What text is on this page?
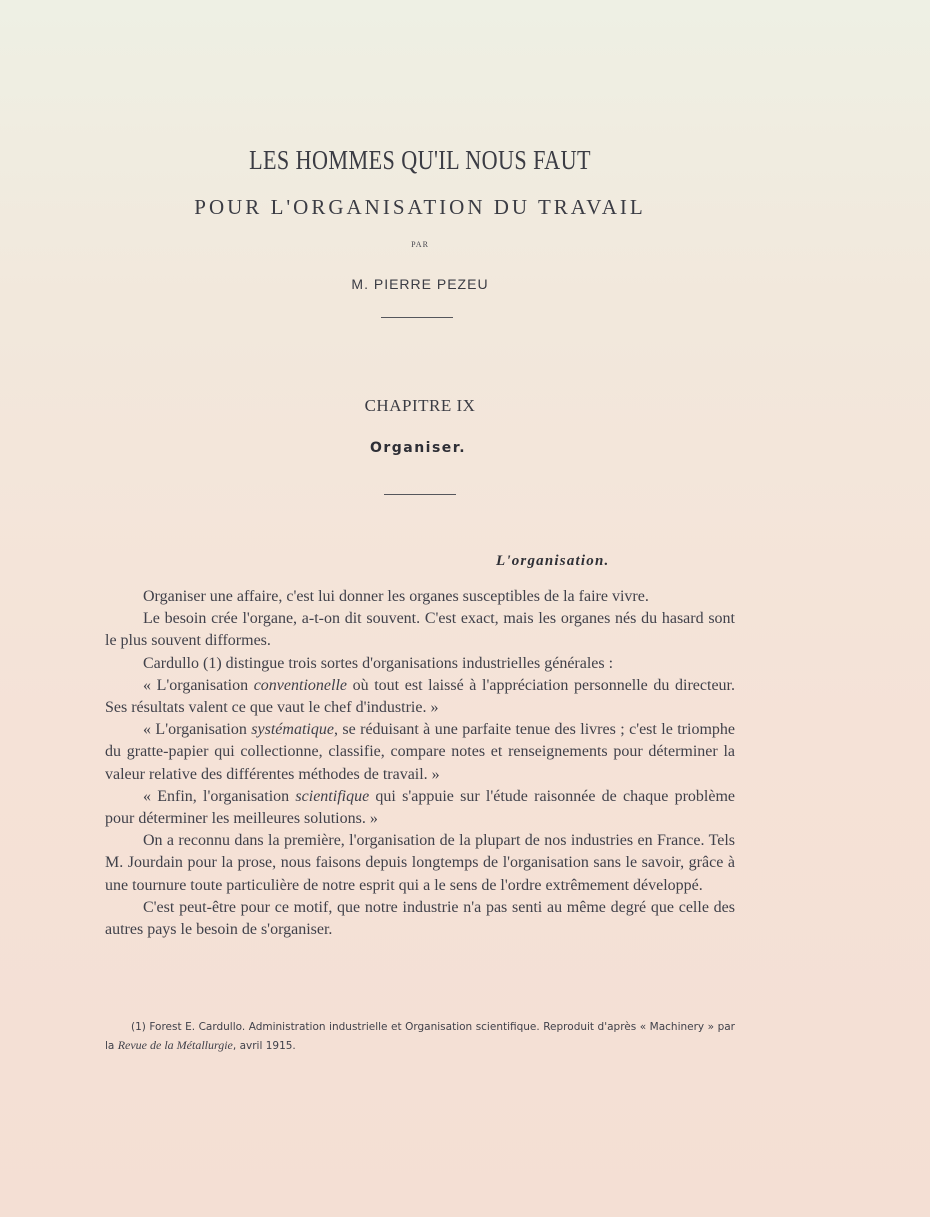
LES HOMMES QU'IL NOUS FAUT
POUR L'ORGANISATION DU TRAVAIL
PAR
M. PIERRE PEZEU
CHAPITRE IX
Organiser.
L'organisation.

Organiser une affaire, c'est lui donner les organes susceptibles de la faire vivre.

Le besoin crée l'organe, a-t-on dit souvent. C'est exact, mais les organes nés du hasard sont le plus souvent difformes.

Cardullo (1) distingue trois sortes d'organisations industrielles générales :

« L'organisation conventionelle où tout est laissé à l'appréciation personnelle du directeur. Ses résultats valent ce que vaut le chef d'industrie. »

« L'organisation systématique, se réduisant à une parfaite tenue des livres ; c'est le triomphe du gratte-papier qui collectionne, classifie, compare notes et renseignements pour déterminer la valeur relative des différentes méthodes de travail. »

« Enfin, l'organisation scientifique qui s'appuie sur l'étude raisonnée de chaque problème pour déterminer les meilleures solutions. »

On a reconnu dans la première, l'organisation de la plupart de nos industries en France. Tels M. Jourdain pour la prose, nous faisons depuis longtemps de l'organisation sans le savoir, grâce à une tournure toute particulière de notre esprit qui a le sens de l'ordre extrêmement développé.

C'est peut-être pour ce motif, que notre industrie n'a pas senti au même degré que celle des autres pays le besoin de s'organiser.

(1) Forest E. Cardullo. Administration industrielle et Organisation scientifique. Reproduit d'après « Machinery » par la Revue de la Métallurgie, avril 1915.
